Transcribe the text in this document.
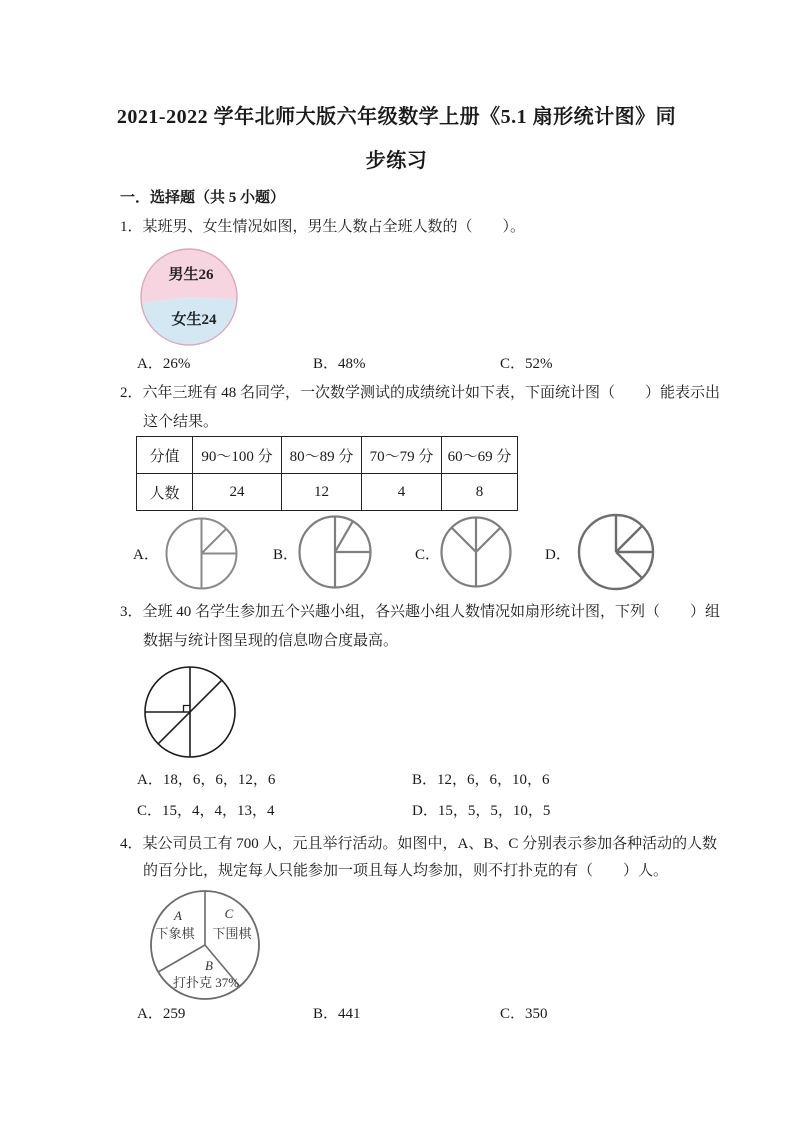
2021-2022 学年北师大版六年级数学上册《5.1 扇形统计图》同
步练习
一．选择题（共 5 小题）
1．某班男、女生情况如图，男生人数占全班人数的（　　）。
男生26
女生24
A．26%	B．48%	C．52%
2．六年三班有 48 名同学，一次数学测试的成绩统计如下表，下面统计图（　　）能表示出
这个结果。
分值	90～100 分	80～89 分	70～79 分	60～69 分
人数	24	12	4	8
A．	B．	C．	D．
3．全班 40 名学生参加五个兴趣小组，各兴趣小组人数情况如扇形统计图，下列（　　）组
数据与统计图呈现的信息吻合度最高。
A．18，6，6，12，6	B．12，6，6，10，6
C．15，4，4，13，4	D．15，5，5，10，5
4．某公司员工有 700 人，元且举行活动。如图中，A、B、C 分别表示参加各种活动的人数
的百分比，规定每人只能参加一项且每人均参加，则不打扑克的有（　　）人。
A
下象棋
C
下围棋
B
打扑克 37%
A．259	B．441	C．350
